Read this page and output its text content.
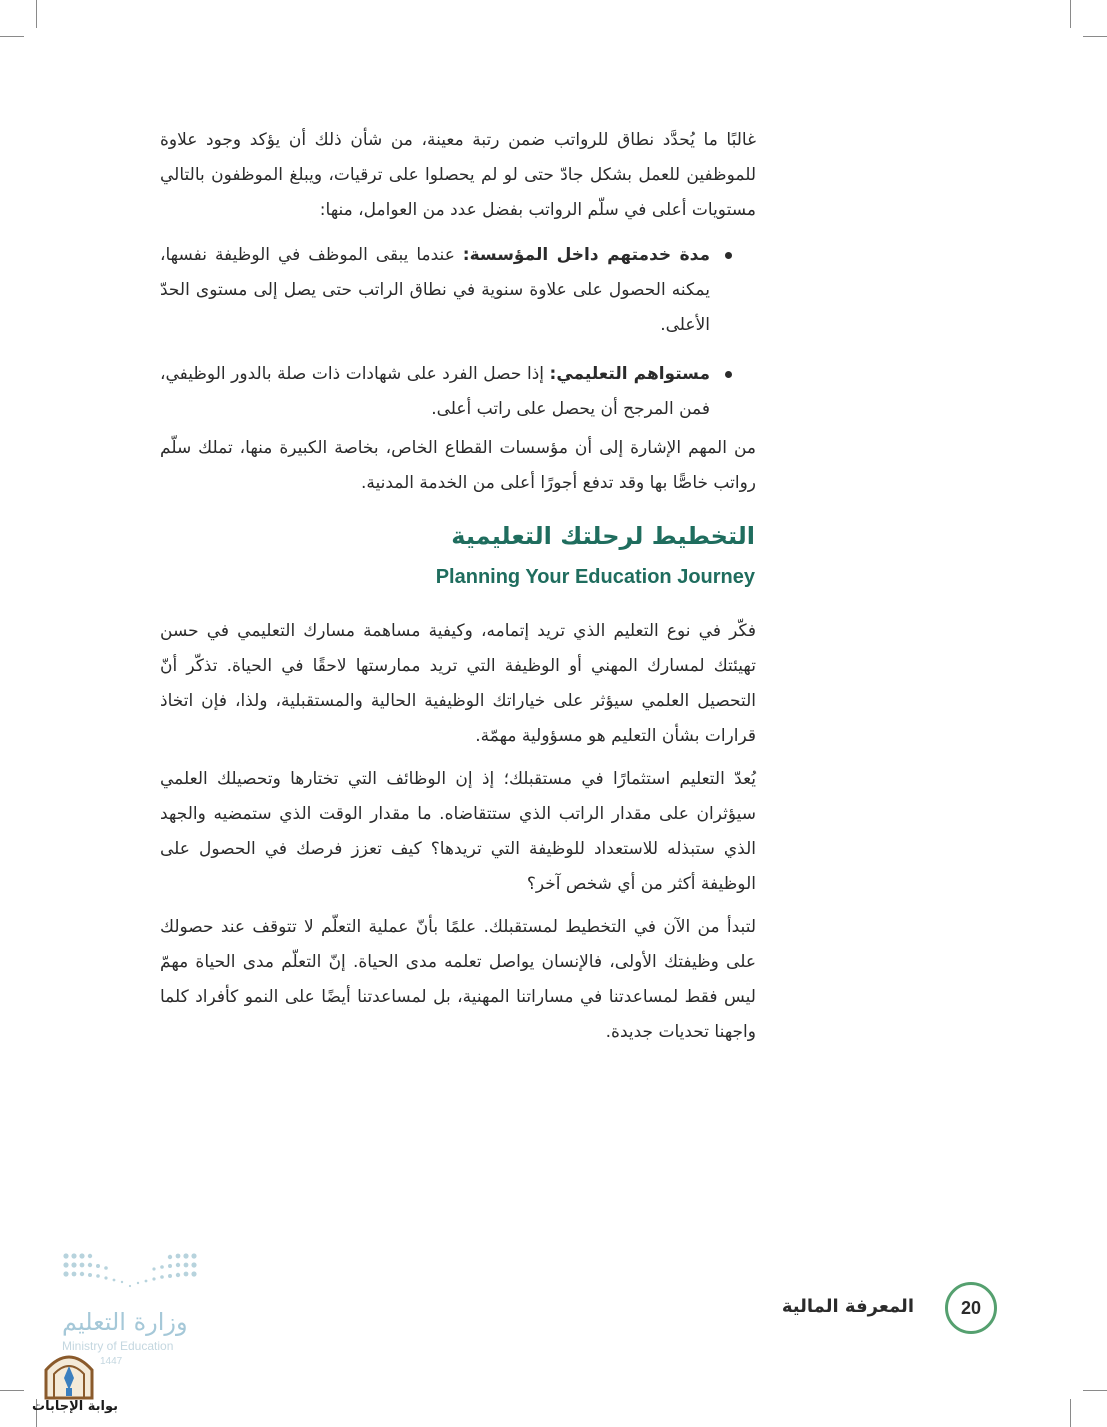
غالبًا ما يُحدَّد نطاق للرواتب ضمن رتبة معينة، من شأن ذلك أن يؤكد وجود علاوة للموظفين للعمل بشكل جادّ حتى لو لم يحصلوا على ترقيات، ويبلغ الموظفون بالتالي مستويات أعلى في سلّم الرواتب بفضل عدد من العوامل، منها:

مدة خدمتهم داخل المؤسسة: عندما يبقى الموظف في الوظيفة نفسها، يمكنه الحصول على علاوة سنوية في نطاق الراتب حتى يصل إلى مستوى الحدّ الأعلى.
مستواهم التعليمي: إذا حصل الفرد على شهادات ذات صلة بالدور الوظيفي، فمن المرجح أن يحصل على راتب أعلى.

من المهم الإشارة إلى أن مؤسسات القطاع الخاص، بخاصة الكبيرة منها، تملك سلّم رواتب خاصًّا بها وقد تدفع أجورًا أعلى من الخدمة المدنية.

التخطيط لرحلتك التعليمية
Planning Your Education Journey

فكّر في نوع التعليم الذي تريد إتمامه، وكيفية مساهمة مسارك التعليمي في حسن تهيئتك لمسارك المهني أو الوظيفة التي تريد ممارستها لاحقًا في الحياة. تذكّر أنّ التحصيل العلمي سيؤثر على خياراتك الوظيفية الحالية والمستقبلية، ولذا، فإن اتخاذ قرارات بشأن التعليم هو مسؤولية مهمّة.

يُعدّ التعليم استثمارًا في مستقبلك؛ إذ إن الوظائف التي تختارها وتحصيلك العلمي سيؤثران على مقدار الراتب الذي ستتقاضاه. ما مقدار الوقت الذي ستمضيه والجهد الذي ستبذله للاستعداد للوظيفة التي تريدها؟ كيف تعزز فرصك في الحصول على الوظيفة أكثر من أي شخص آخر؟

لتبدأ من الآن في التخطيط لمستقبلك. علمًا بأنّ عملية التعلّم لا تتوقف عند حصولك على وظيفتك الأولى، فالإنسان يواصل تعلمه مدى الحياة. إنّ التعلّم مدى الحياة مهمّ ليس فقط لمساعدتنا في مساراتنا المهنية، بل لمساعدتنا أيضًا على النمو كأفراد كلما واجهنا تحديات جديدة.

وزارة التعليم
Ministry of Education
1447
بوابة الإجابات
المعرفة المالية	20
